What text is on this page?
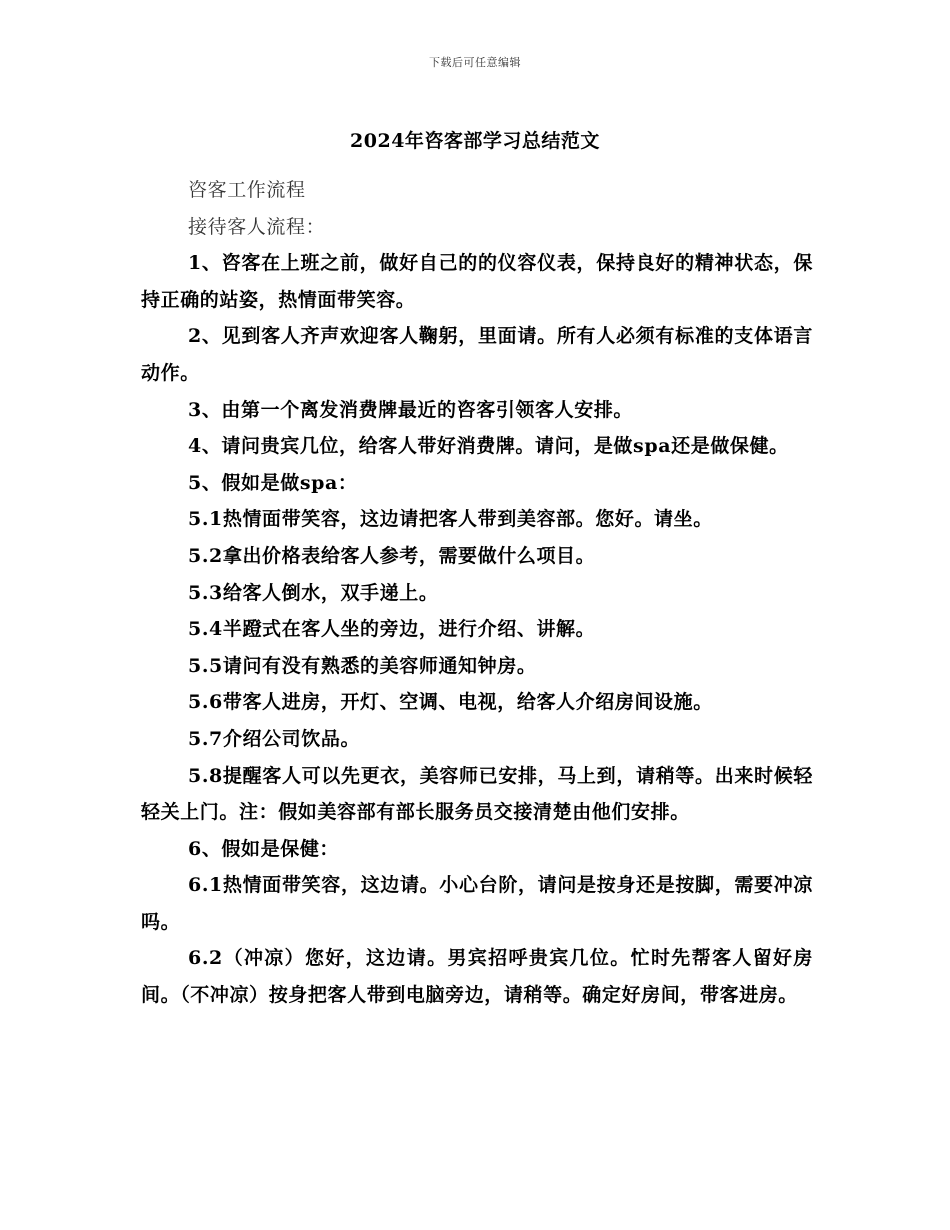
下载后可任意编辑
2024年咨客部学习总结范文

咨客工作流程

接待客人流程：

1、咨客在上班之前，做好自己的的仪容仪表，保持良好的精神状态，保持正确的站姿，热情面带笑容。

2、见到客人齐声欢迎客人鞠躬，里面请。所有人必须有标准的支体语言动作。

3、由第一个离发消费牌最近的咨客引领客人安排。

4、请问贵宾几位，给客人带好消费牌。请问，是做spa还是做保健。

5、假如是做spa：

5.1热情面带笑容，这边请把客人带到美容部。您好。请坐。

5.2拿出价格表给客人参考，需要做什么项目。

5.3给客人倒水，双手递上。

5.4半蹬式在客人坐的旁边，进行介绍、讲解。

5.5请问有没有熟悉的美容师通知钟房。

5.6带客人进房，开灯、空调、电视，给客人介绍房间设施。

5.7介绍公司饮品。

5.8提醒客人可以先更衣，美容师已安排，马上到，请稍等。出来时候轻轻关上门。注：假如美容部有部长服务员交接清楚由他们安排。

6、假如是保健：

6.1热情面带笑容，这边请。小心台阶，请问是按身还是按脚，需要冲凉吗。

6.2（冲凉）您好，这边请。男宾招呼贵宾几位。忙时先帮客人留好房间。（不冲凉）按身把客人带到电脑旁边，请稍等。确定好房间，带客进房。
